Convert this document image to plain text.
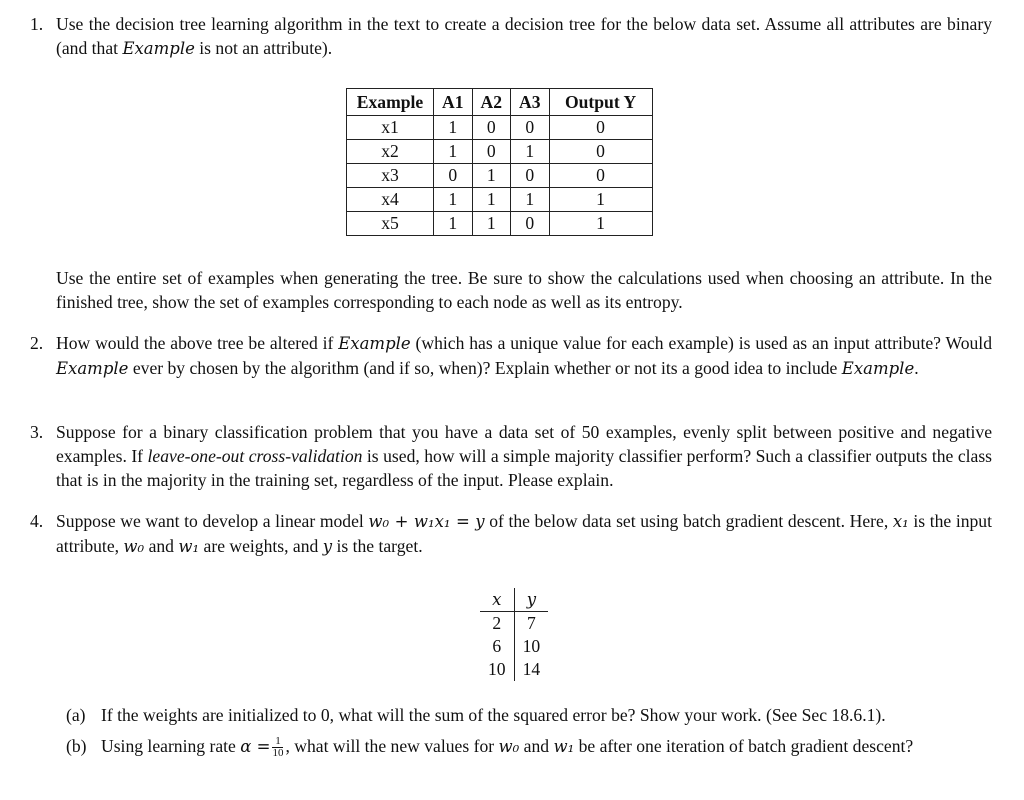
1. Use the decision tree learning algorithm in the text to create a decision tree for the below data set. Assume all attributes are binary (and that Example is not an attribute).
Example	A1	A2	A3	Output Y
x1	1	0	0	0
x2	1	0	1	0
x3	0	1	0	0
x4	1	1	1	1
x5	1	1	0	1
Use the entire set of examples when generating the tree. Be sure to show the calculations used when choosing an attribute. In the finished tree, show the set of examples corresponding to each node as well as its entropy.
2. How would the above tree be altered if Example (which has a unique value for each example) is used as an input attribute? Would Example ever by chosen by the algorithm (and if so, when)? Explain whether or not its a good idea to include Example.
3. Suppose for a binary classification problem that you have a data set of 50 examples, evenly split between positive and negative examples. If leave-one-out cross-validation is used, how will a simple majority classifier perform? Such a classifier outputs the class that is in the majority in the training set, regardless of the input. Please explain.
4. Suppose we want to develop a linear model w₀ + w₁x₁ = y of the below data set using batch gradient descent. Here, x₁ is the input attribute, w₀ and w₁ are weights, and y is the target.
x	y
2	7
6	10
10	14
(a) If the weights are initialized to 0, what will the sum of the squared error be? Show your work. (See Sec 18.6.1).
(b) Using learning rate $\alpha = \frac{1}{10}$ , what will the new values for w₀ and w₁ be after one iteration of batch gradient descent?
